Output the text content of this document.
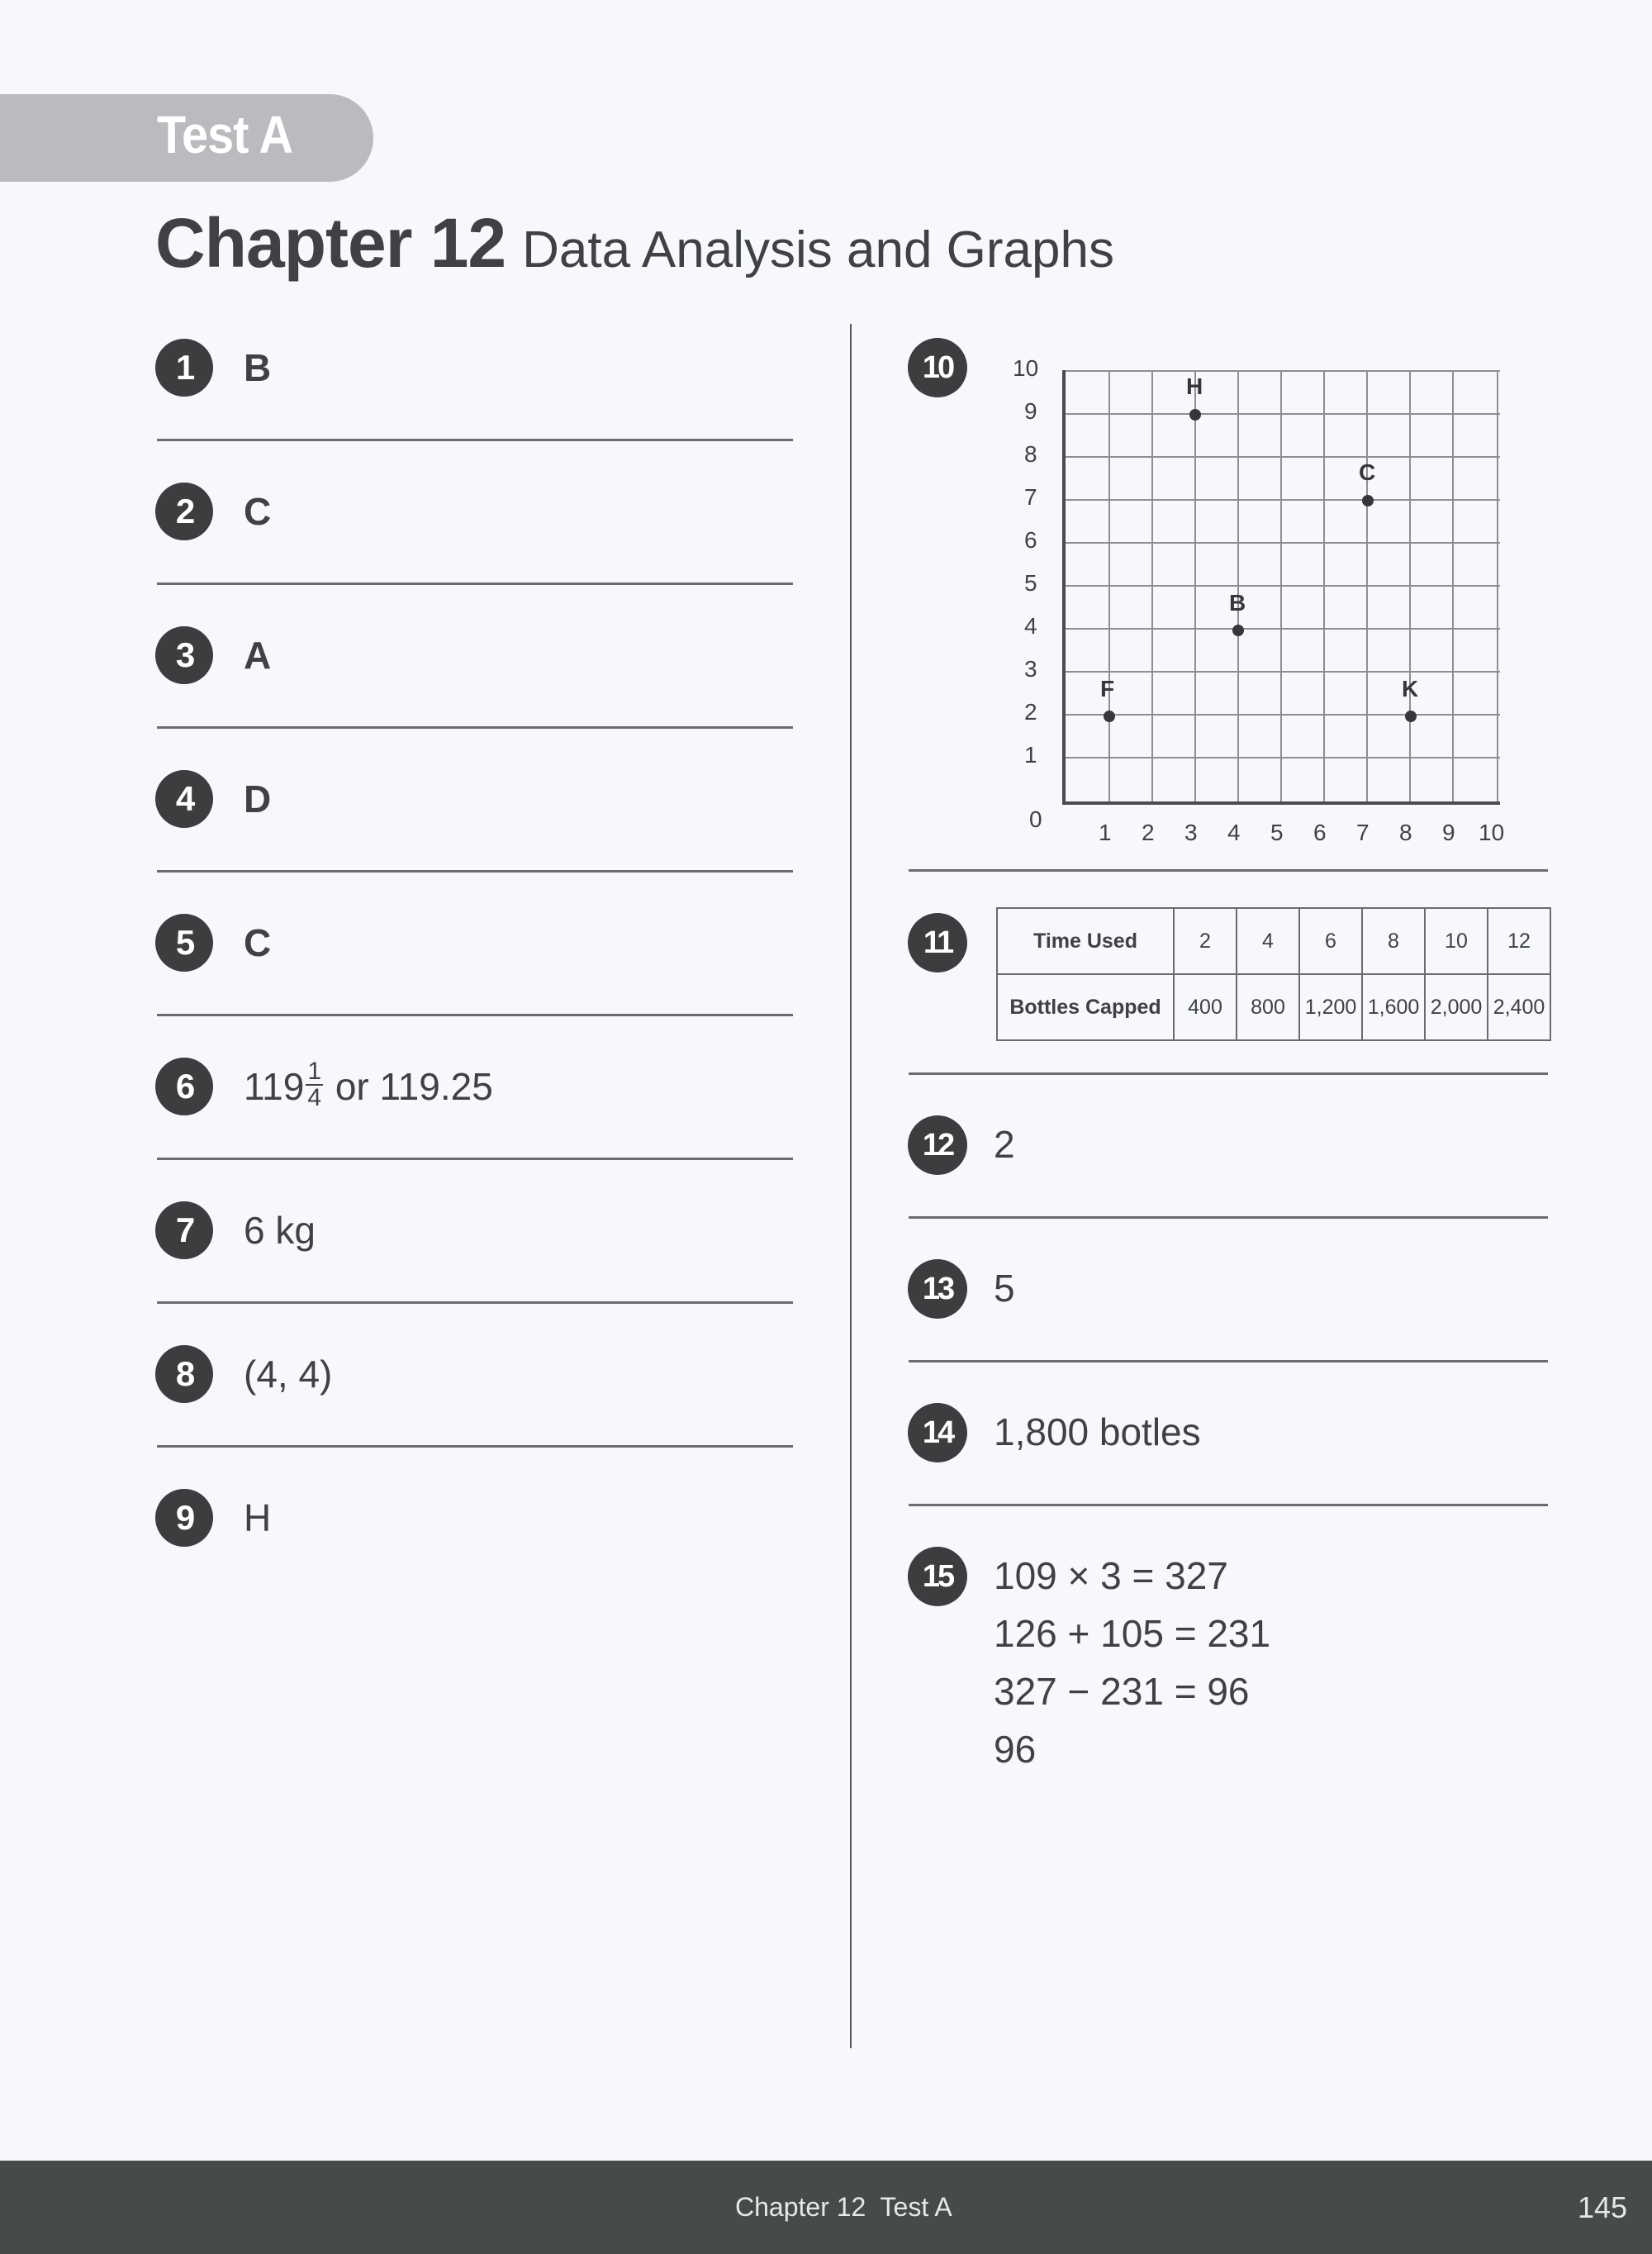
Test A
Chapter 12 Data Analysis and Graphs
1	B
2	C
3	A
4	D
5	C
6	$119 \frac{1}{4}$ or 119.25
7	6 kg
8	(4, 4)
9	H
10	10
9
8
7
6
5
4
3
2
1
0
1 2 3 4 5 6 7 8 9 10
H
C
B
F	K
11	Time Used	2	4	6	8	10	12
Bottles Capped	400	800	1,200	1,600	2,000	2,400
12	2
13	5
14	1,800 botles
15	109 × 3 = 327
126 + 105 = 231
327 − 231 = 96
96
Chapter 12  Test A	145
